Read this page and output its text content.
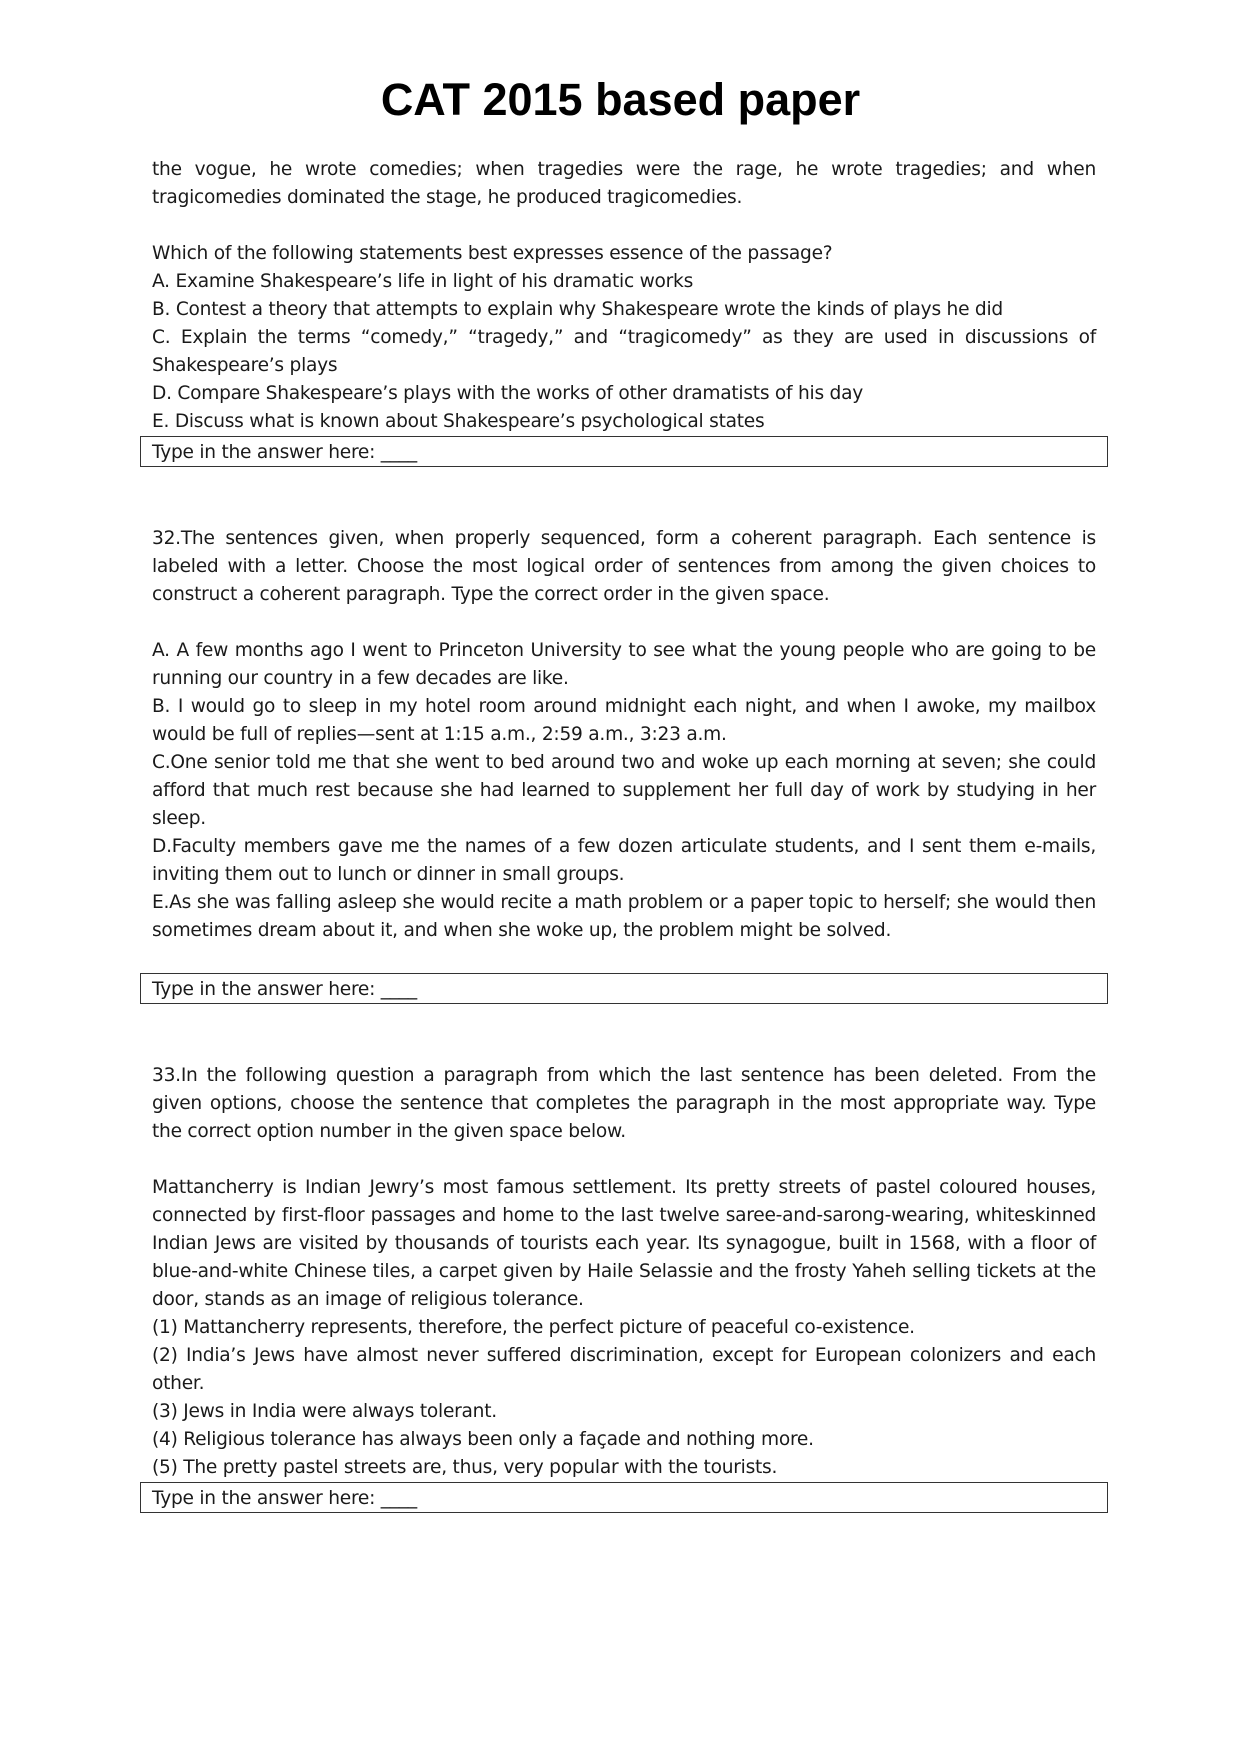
CAT 2015 based paper

the vogue, he wrote comedies; when tragedies were the rage, he wrote tragedies; and when tragicomedies dominated the stage, he produced tragicomedies.

Which of the following statements best expresses essence of the passage?

A. Examine Shakespeare’s life in light of his dramatic works

B. Contest a theory that attempts to explain why Shakespeare wrote the kinds of plays he did

C. Explain the terms “comedy,” “tragedy,” and “tragicomedy” as they are used in discussions of Shakespeare’s plays

D. Compare Shakespeare’s plays with the works of other dramatists of his day

E. Discuss what is known about Shakespeare’s psychological states

Type in the answer here: ____

32.The sentences given, when properly sequenced, form a coherent paragraph. Each sentence is labeled with a letter. Choose the most logical order of sentences from among the given choices to construct a coherent paragraph. Type the correct order in the given space.

A. A few months ago I went to Princeton University to see what the young people who are going to be running our country in a few decades are like.

B. I would go to sleep in my hotel room around midnight each night, and when I awoke, my mailbox would be full of replies—sent at 1:15 a.m., 2:59 a.m., 3:23 a.m.

C.One senior told me that she went to bed around two and woke up each morning at seven; she could afford that much rest because she had learned to supplement her full day of work by studying in her sleep.

D.Faculty members gave me the names of a few dozen articulate students, and I sent them e-mails, inviting them out to lunch or dinner in small groups.

E.As she was falling asleep she would recite a math problem or a paper topic to herself; she would then sometimes dream about it, and when she woke up, the problem might be solved.

Type in the answer here: ____

33.In the following question a paragraph from which the last sentence has been deleted. From the given options, choose the sentence that completes the paragraph in the most appropriate way. Type the correct option number in the given space below.

Mattancherry is Indian Jewry’s most famous settlement. Its pretty streets of pastel coloured houses, connected by first-floor passages and home to the last twelve saree-and-sarong-wearing, whiteskinned Indian Jews are visited by thousands of tourists each year. Its synagogue, built in 1568, with a floor of blue-and-white Chinese tiles, a carpet given by Haile Selassie and the frosty Yaheh selling tickets at the door, stands as an image of religious tolerance.

(1) Mattancherry represents, therefore, the perfect picture of peaceful co-existence.

(2) India’s Jews have almost never suffered discrimination, except for European colonizers and each other.

(3) Jews in India were always tolerant.

(4) Religious tolerance has always been only a façade and nothing more.

(5) The pretty pastel streets are, thus, very popular with the tourists.

Type in the answer here: ____
